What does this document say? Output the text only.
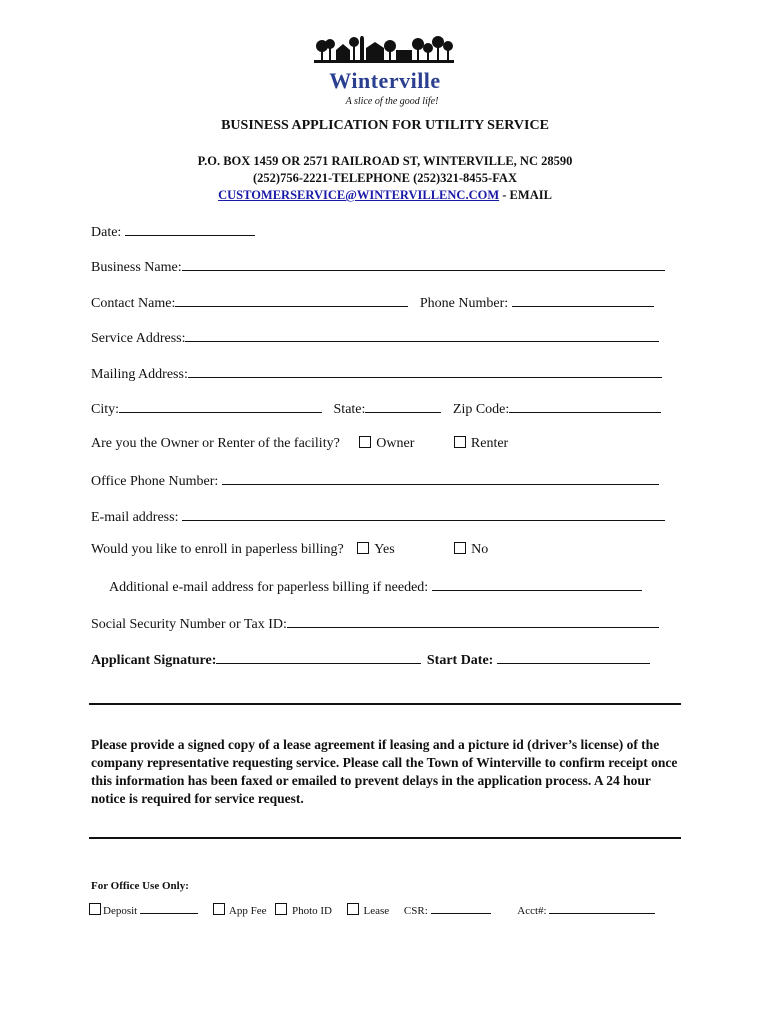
Winterville
A slice of the good life!
BUSINESS APPLICATION FOR UTILITY SERVICE
P.O. BOX 1459 OR 2571 RAILROAD ST, WINTERVILLE, NC 28590
(252)756-2221-TELEPHONE (252)321-8455-FAX
CUSTOMERSERVICE@WINTERVILLENC.COM - EMAIL
Date:
Business Name:
Contact Name:	Phone Number:
Service Address:
Mailing Address:
City:	State:	Zip Code:
Are you the Owner or Renter of the facility?	Owner	Renter
Office Phone Number:
E-mail address:
Would you like to enroll in paperless billing? Yes	No
Additional e-mail address for paperless billing if needed:
Social Security Number or Tax ID:
Applicant Signature:	Start Date:
Please provide a signed copy of a lease agreement if leasing and a picture id (driver’s license) of the company representative requesting service. Please call the Town of Winterville to confirm receipt once this information has been faxed or emailed to prevent delays in the application process. A 24 hour notice is required for service request.
For Office Use Only:
Deposit	App Fee Photo ID	Lease CSR:	Acct#:
